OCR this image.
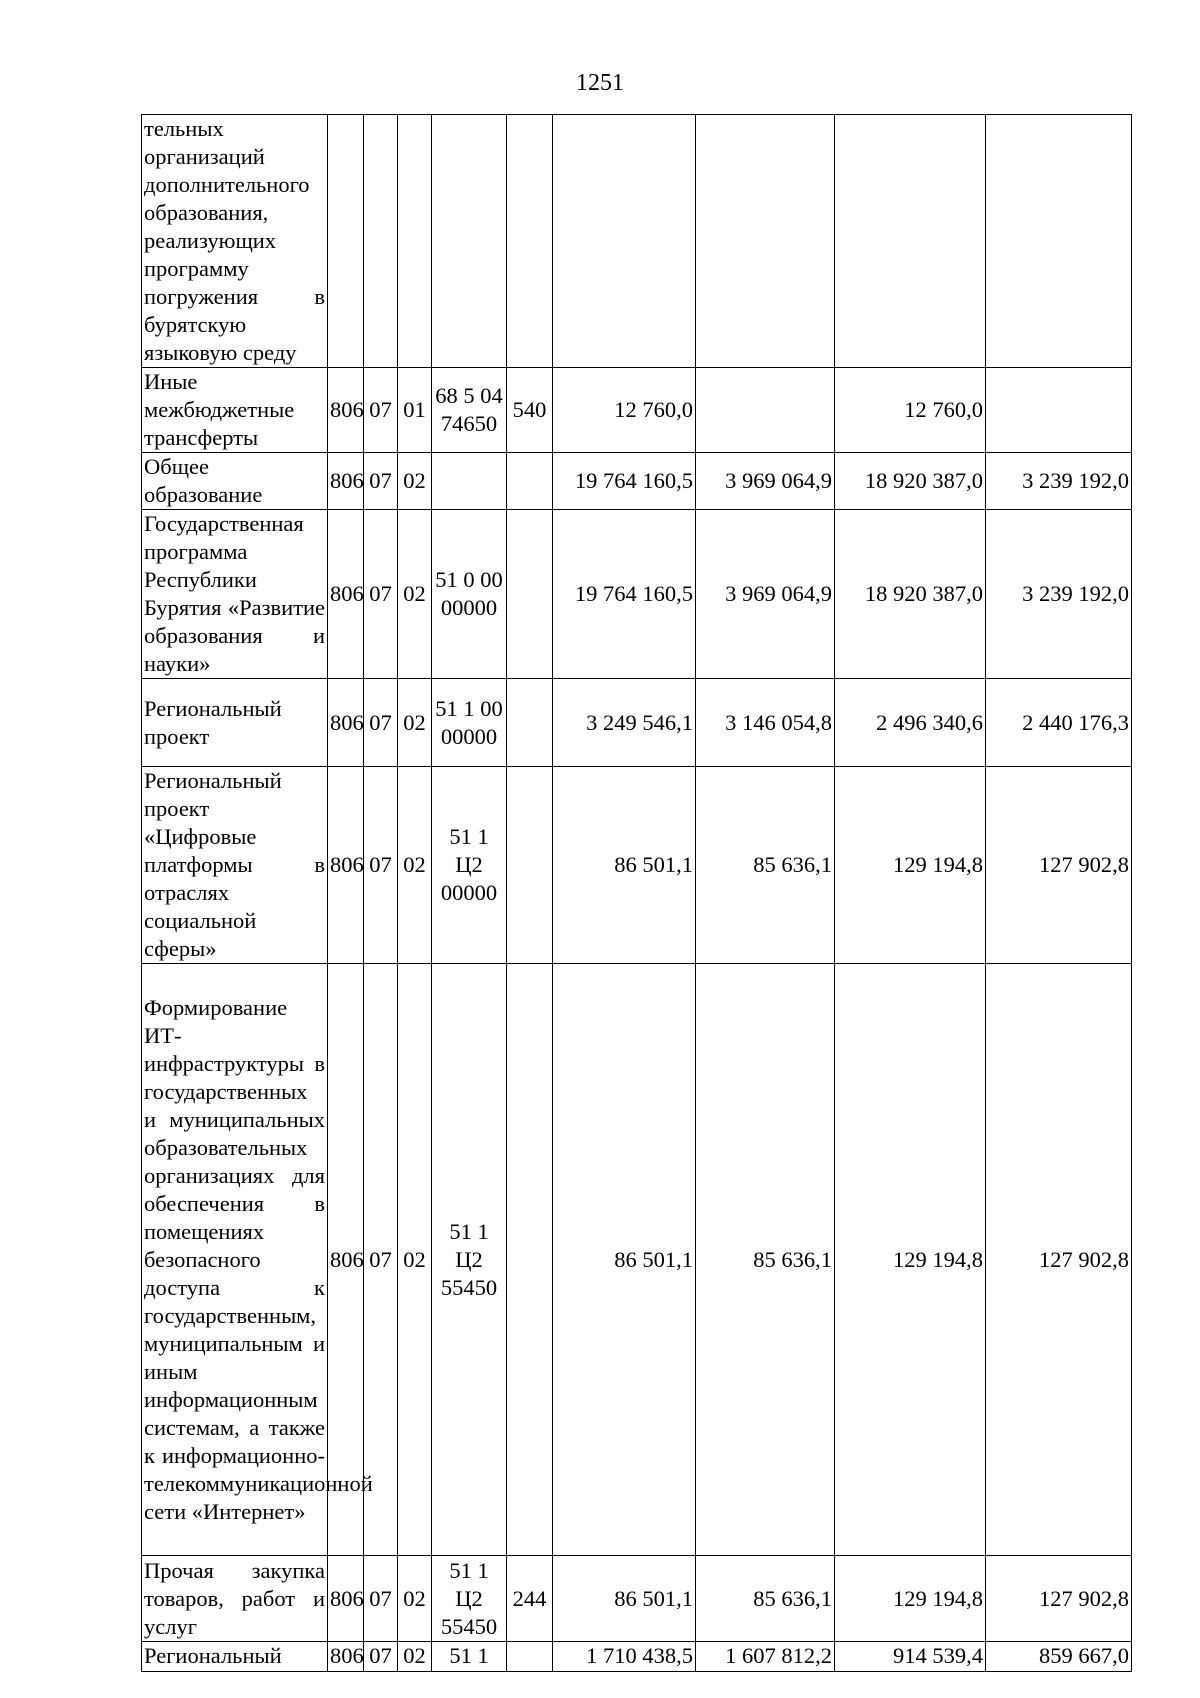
1251
тельных организаций дополнительного образования, реализующих программу погружения в бурятскую языковую среду									
Иные межбюджетные трансферты	806	07	01	68 5 04 74650	540	12 760,0		12 760,0	
Общее образование	806	07	02			19 764 160,5	3 969 064,9	18 920 387,0	3 239 192,0
Государственная программа Республики Бурятия «Развитие образования и науки»	806	07	02	51 0 00 00000		19 764 160,5	3 969 064,9	18 920 387,0	3 239 192,0
Региональный проект	806	07	02	51 1 00 00000		3 249 546,1	3 146 054,8	2 496 340,6	2 440 176,3
Региональный проект «Цифровые платформы в отраслях социальной сферы»	806	07	02	51 1 Ц2 00000		86 501,1	85 636,1	129 194,8	127 902,8
Формирование ИТ-инфраструктуры в государственных и муниципальных образовательных организациях для обеспечения в помещениях безопасного доступа к государственным, муниципальным и иным информационным системам, а также к информационно-телекоммуникационной сети «Интернет»	806	07	02	51 1 Ц2 55450		86 501,1	85 636,1	129 194,8	127 902,8
Прочая закупка товаров, работ и услуг	806	07	02	51 1 Ц2 55450	244	86 501,1	85 636,1	129 194,8	127 902,8
Региональный	806	07	02	51 1		1 710 438,5	1 607 812,2	914 539,4	859 667,0
